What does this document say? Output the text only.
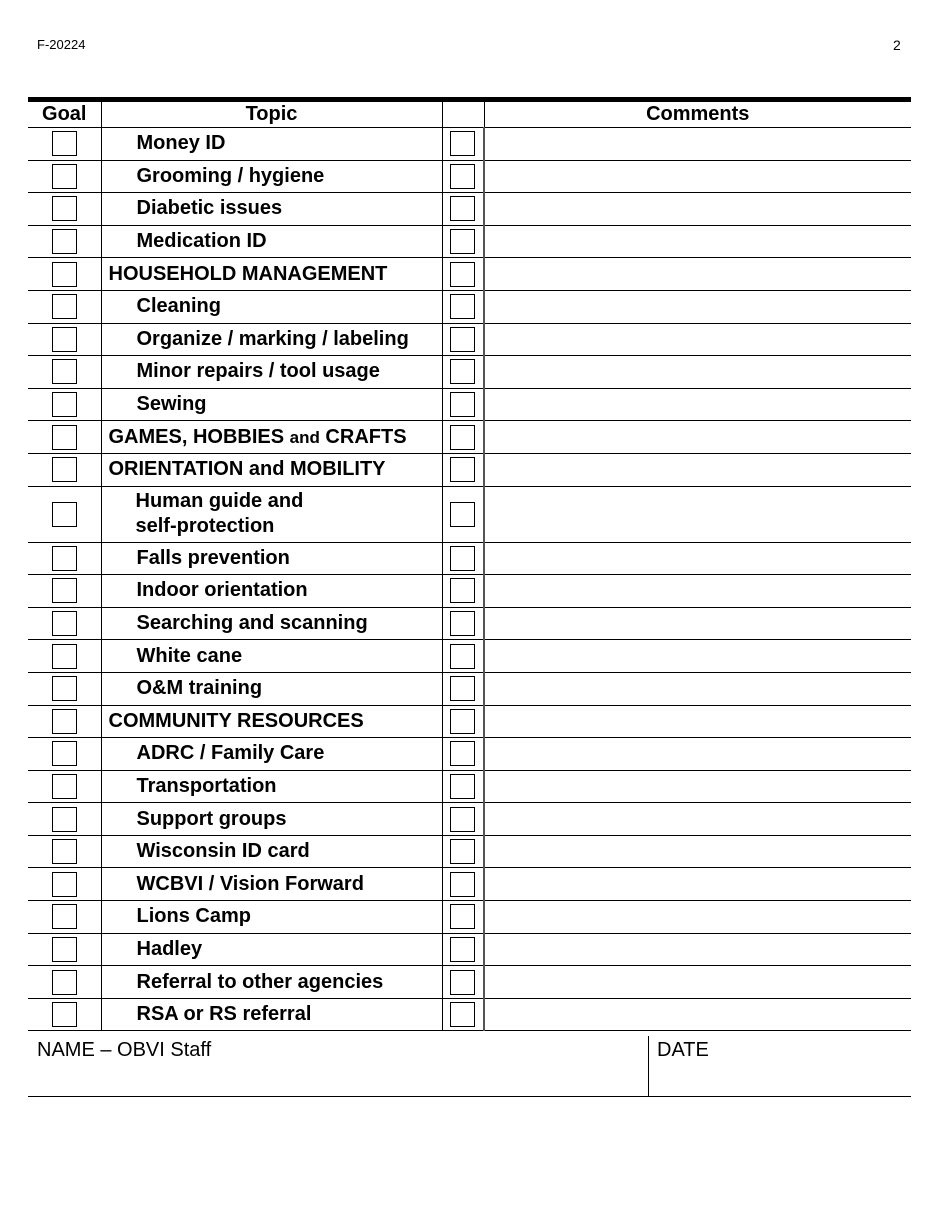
F-20224	2
Goal	Topic		Comments

	Money ID	

	Grooming / hygiene	

	Diabetic issues	

	Medication ID	

	HOUSEHOLD MANAGEMENT	

	Cleaning	

	Organize / marking / labeling	

	Minor repairs / tool usage	

	Sewing	

	GAMES, HOBBIES and CRAFTS	

	ORIENTATION and MOBILITY	

	Human guide and
self-protection		

	Falls prevention	

	Indoor orientation	

	Searching and scanning	

	White cane	

	O&M training	

	COMMUNITY RESOURCES	

	ADRC / Family Care	

	Transportation	

	Support groups	

	Wisconsin ID card	

	WCBVI / Vision Forward	

	Lions Camp	

	Hadley	

	Referral to other agencies	

	RSA or RS referral	

NAME – OBVI Staff	DATE
